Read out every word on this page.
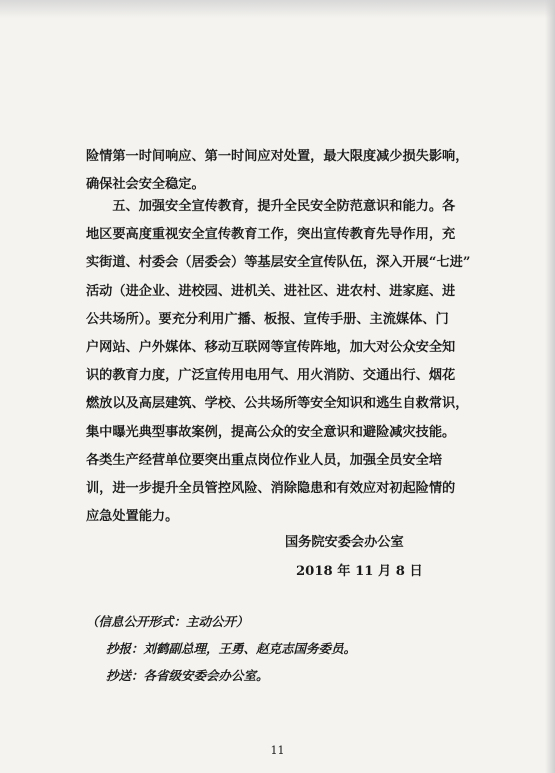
险情第一时间响应、第一时间应对处置，最大限度减少损失影响，
确保社会安全稳定。
　　五、加强安全宣传教育，提升全民安全防范意识和能力。各
地区要高度重视安全宣传教育工作，突出宣传教育先导作用，充
实街道、村委会（居委会）等基层安全宣传队伍，深入开展“七进”
活动（进企业、进校园、进机关、进社区、进农村、进家庭、进
公共场所）。要充分利用广播、板报、宣传手册、主流媒体、门
户网站、户外媒体、移动互联网等宣传阵地，加大对公众安全知
识的教育力度，广泛宣传用电用气、用火消防、交通出行、烟花
燃放以及高层建筑、学校、公共场所等安全知识和逃生自救常识，
集中曝光典型事故案例，提高公众的安全意识和避险减灾技能。
各类生产经营单位要突出重点岗位作业人员，加强全员安全培
训，进一步提升全员管控风险、消除隐患和有效应对初起险情的
应急处置能力。
国务院安委会办公室
2018 年 11 月 8 日
（信息公开形式：主动公开）
抄报：刘鹤副总理，王勇、赵克志国务委员。
抄送：各省级安委会办公室。
11
